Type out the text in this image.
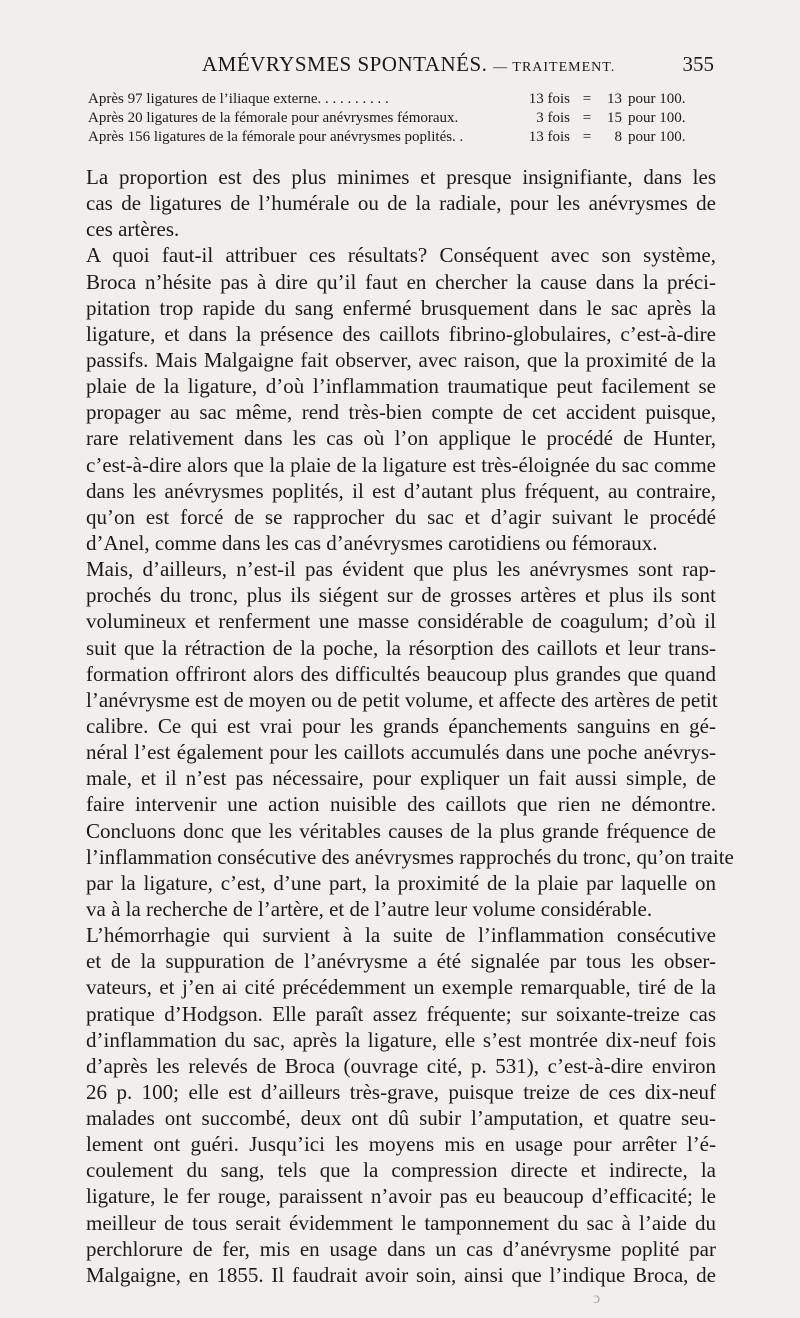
AMÉVRYSMES SPONTANÉS. — TRAITEMENT.	355
Après 97 ligatures de l’iliaque externe. . . . . . . . . .	13 fois =	13 pour 100.
Après 20 ligatures de la fémorale pour anévrysmes fémoraux.	3 fois =	15 pour 100.
Après 156 ligatures de la fémorale pour anévrysmes poplités. .	13 fois =	8 pour 100.
La proportion est des plus minimes et presque insignifiante, dans les
cas de ligatures de l’humérale ou de la radiale, pour les anévrysmes de
ces artères.
A quoi faut-il attribuer ces résultats? Conséquent avec son système,
Broca n’hésite pas à dire qu’il faut en chercher la cause dans la préci-
pitation trop rapide du sang enfermé brusquement dans le sac après la
ligature, et dans la présence des caillots fibrino-globulaires, c’est-à-dire
passifs. Mais Malgaigne fait observer, avec raison, que la proximité de la
plaie de la ligature, d’où l’inflammation traumatique peut facilement se
propager au sac même, rend très-bien compte de cet accident puisque,
rare relativement dans les cas où l’on applique le procédé de Hunter,
c’est-à-dire alors que la plaie de la ligature est très-éloignée du sac comme
dans les anévrysmes poplités, il est d’autant plus fréquent, au contraire,
qu’on est forcé de se rapprocher du sac et d’agir suivant le procédé
d’Anel, comme dans les cas d’anévrysmes carotidiens ou fémoraux.
Mais, d’ailleurs, n’est-il pas évident que plus les anévrysmes sont rap-
prochés du tronc, plus ils siégent sur de grosses artères et plus ils sont
volumineux et renferment une masse considérable de coagulum; d’où il
suit que la rétraction de la poche, la résorption des caillots et leur trans-
formation offriront alors des difficultés beaucoup plus grandes que quand
l’anévrysme est de moyen ou de petit volume, et affecte des artères de petit
calibre. Ce qui est vrai pour les grands épanchements sanguins en gé-
néral l’est également pour les caillots accumulés dans une poche anévrys-
male, et il n’est pas nécessaire, pour expliquer un fait aussi simple, de
faire intervenir une action nuisible des caillots que rien ne démontre.
Concluons donc que les véritables causes de la plus grande fréquence de
l’inflammation consécutive des anévrysmes rapprochés du tronc, qu’on traite
par la ligature, c’est, d’une part, la proximité de la plaie par laquelle on
va à la recherche de l’artère, et de l’autre leur volume considérable.
L’hémorrhagie qui survient à la suite de l’inflammation consécutive
et de la suppuration de l’anévrysme a été signalée par tous les obser-
vateurs, et j’en ai cité précédemment un exemple remarquable, tiré de la
pratique d’Hodgson. Elle paraît assez fréquente; sur soixante-treize cas
d’inflammation du sac, après la ligature, elle s’est montrée dix-neuf fois
d’après les relevés de Broca (ouvrage cité, p. 531), c’est-à-dire environ
26 p. 100; elle est d’ailleurs très-grave, puisque treize de ces dix-neuf
malades ont succombé, deux ont dû subir l’amputation, et quatre seu-
lement ont guéri. Jusqu’ici les moyens mis en usage pour arrêter l’é-
coulement du sang, tels que la compression directe et indirecte, la
ligature, le fer rouge, paraissent n’avoir pas eu beaucoup d’efficacité; le
meilleur de tous serait évidemment le tamponnement du sac à l’aide du
perchlorure de fer, mis en usage dans un cas d’anévrysme poplité par
Malgaigne, en 1855. Il faudrait avoir soin, ainsi que l’indique Broca, de
ↄ
